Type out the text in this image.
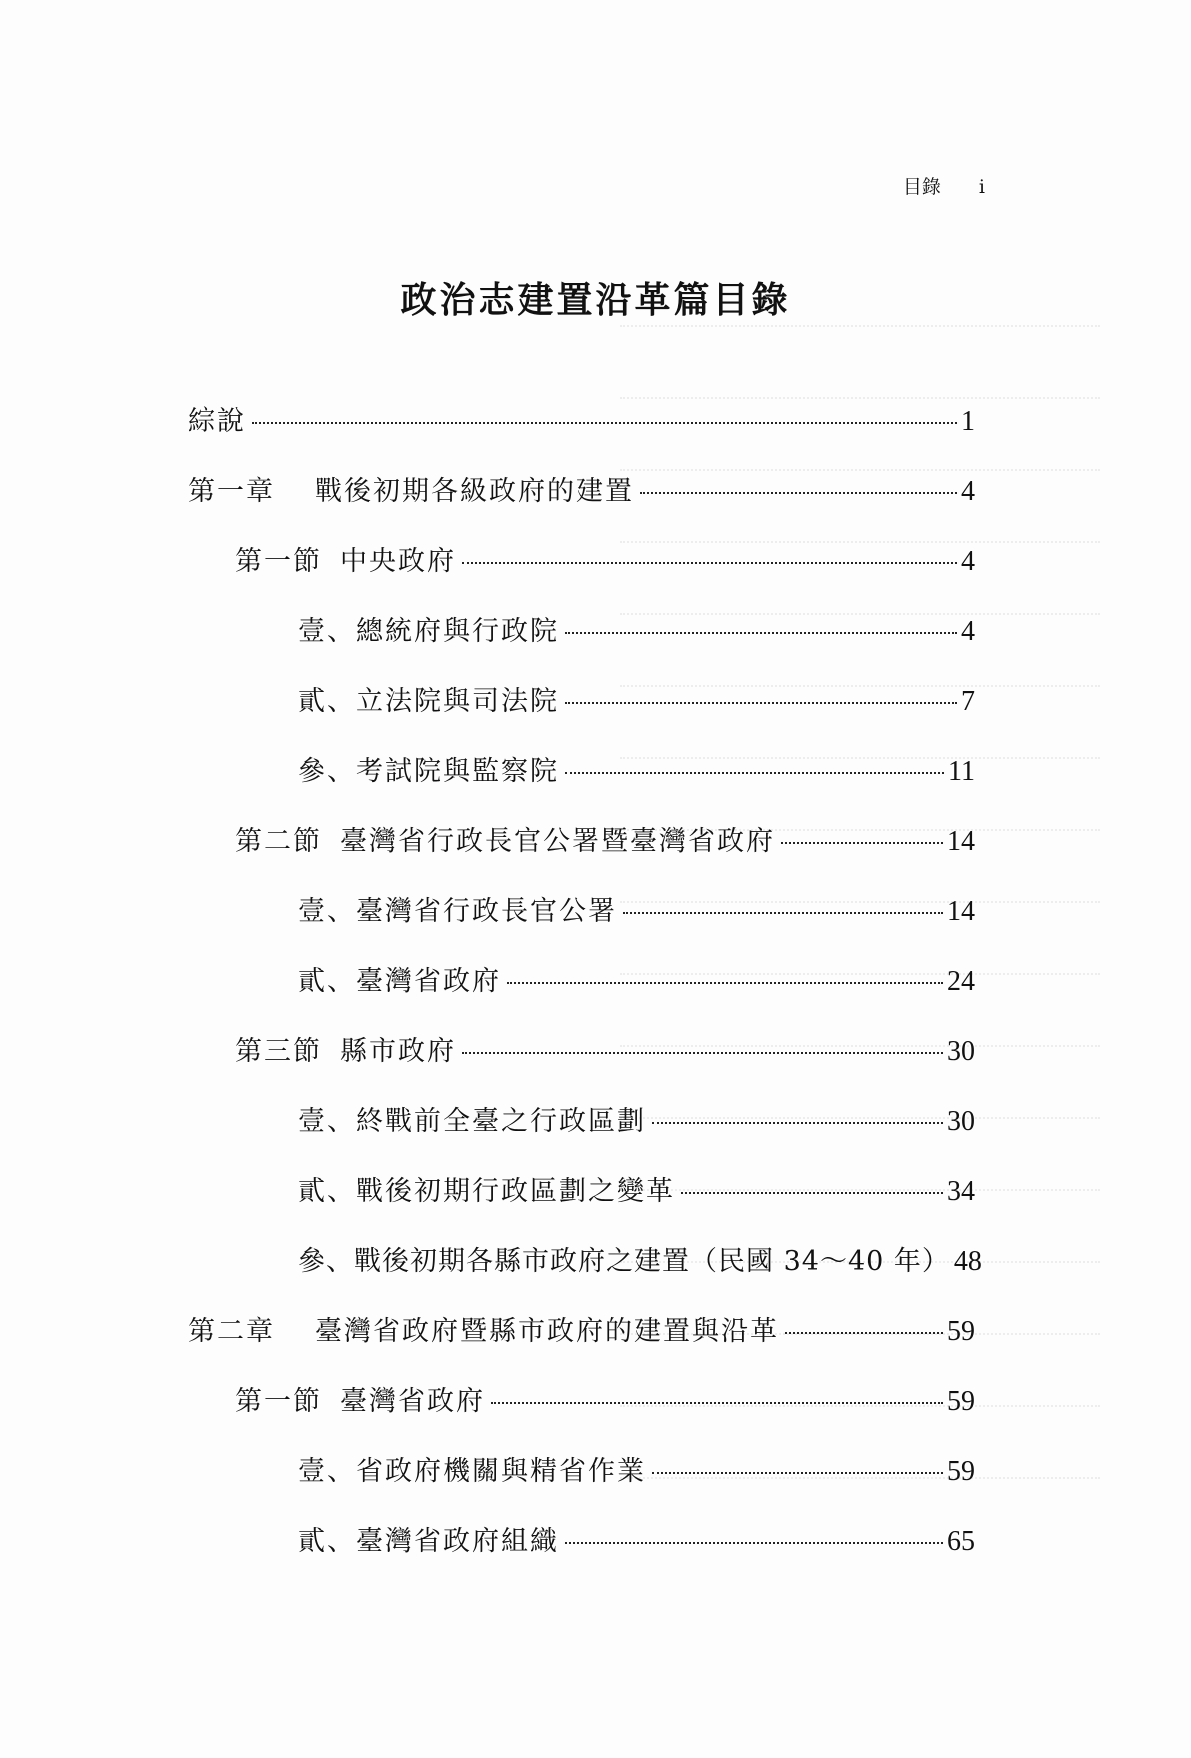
目錄 i
政治志建置沿革篇目錄
綜說	1
第一章 戰後初期各級政府的建置	4
第一節 中央政府	4
壹、總統府與行政院	4
貳、立法院與司法院	7
參、考試院與監察院	11
第二節 臺灣省行政長官公署暨臺灣省政府	14
壹、臺灣省行政長官公署	14
貳、臺灣省政府	24
第三節 縣市政府	30
壹、終戰前全臺之行政區劃	30
貳、戰後初期行政區劃之變革	34
參、戰後初期各縣市政府之建置（民國 34～40 年） 48
第二章 臺灣省政府暨縣市政府的建置與沿革	59
第一節 臺灣省政府	59
壹、省政府機關與精省作業	59
貳、臺灣省政府組織	65
